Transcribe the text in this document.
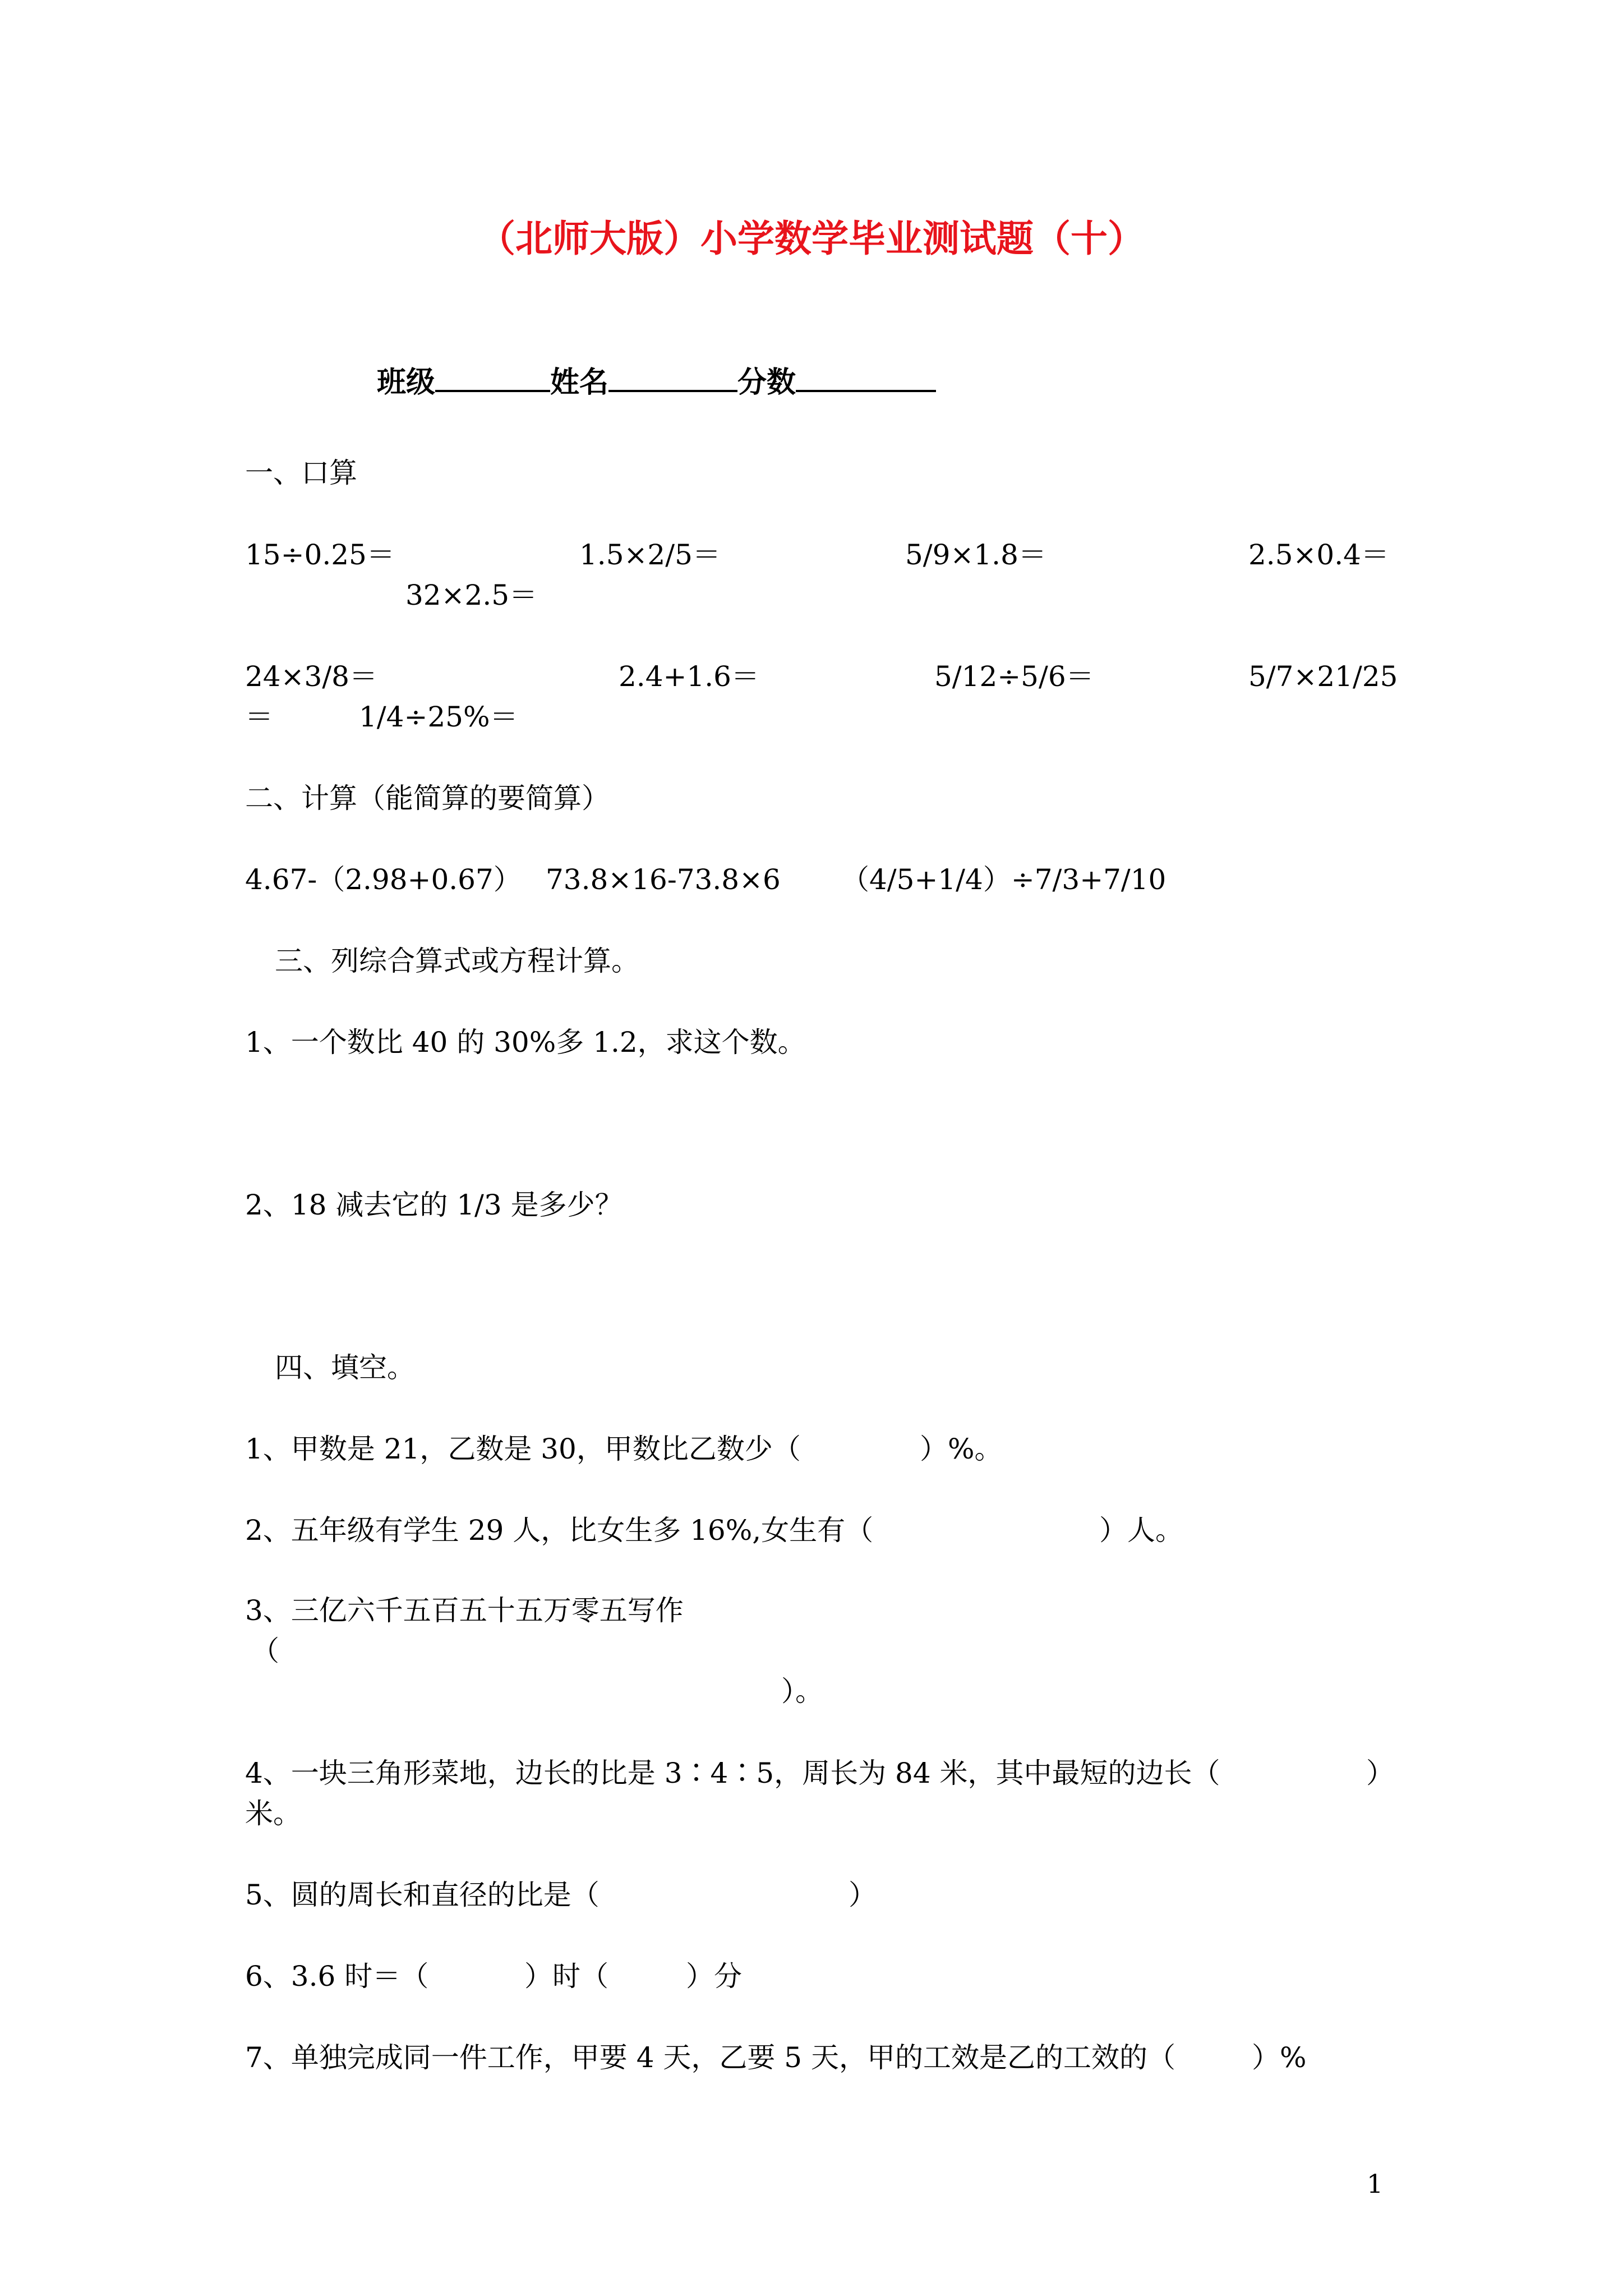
（北师大版）小学数学毕业测试题（十）
班级	姓名	分数
一、口算
15÷0.25＝	1.5×2/5＝	5/9×1.8＝	2.5×0.4＝
32×2.5＝
24×3/8＝	2.4+1.6＝	5/12÷5/6＝	5/7×21/25
＝	1/4÷25%＝
二、计算（能简算的要简算）
4.67-（2.98+0.67） 73.8×16-73.8×6 （4/5+1/4）÷7/3+7/10
三、列综合算式或方程计算。
1、一个数比 40 的 30%多 1.2，求这个数。
2、18 减去它的 1/3 是多少？
四、填空。
1、甲数是 21，乙数是 30，甲数比乙数少（	）%。
2、五年级有学生 29 人，比女生多 16%,女生有（	）人。
3、三亿六千五百五十五万零五写作
（
）。
4、一块三角形菜地，边长的比是 3∶4∶5，周长为 84 米，其中最短的边长（	）
米。
5、圆的周长和直径的比是（	）
6、3.6 时＝（	）时（	）分
7、单独完成同一件工作，甲要 4 天，乙要 5 天，甲的工效是乙的工效的（	）%
1
